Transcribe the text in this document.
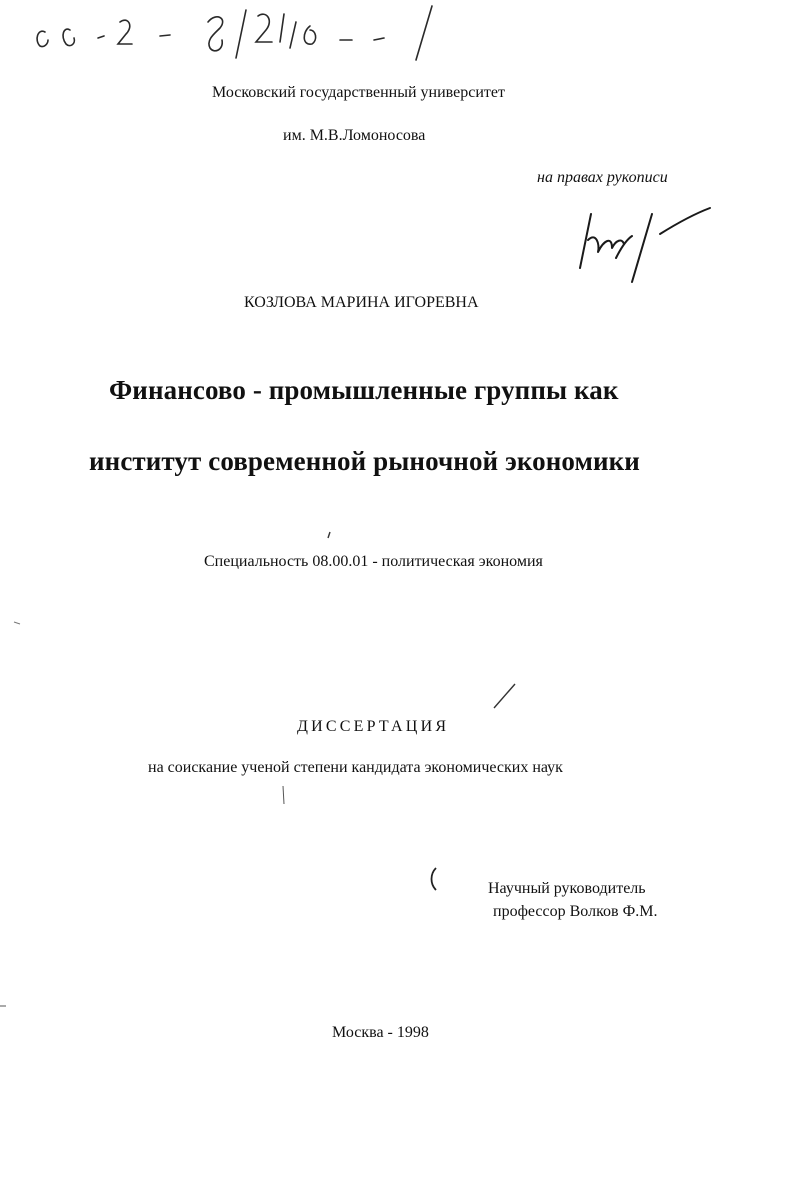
Московский государственный университет
им. М.В.Ломоносова
на правах рукописи
КОЗЛОВА МАРИНА ИГОРЕВНА
Финансово - промышленные группы как
институт современной рыночной экономики
Специальность 08.00.01 - политическая экономия
ДИССЕРТАЦИЯ
на соискание ученой степени кандидата экономических наук
Научный руководитель
профессор Волков Ф.М.
Москва - 1998
